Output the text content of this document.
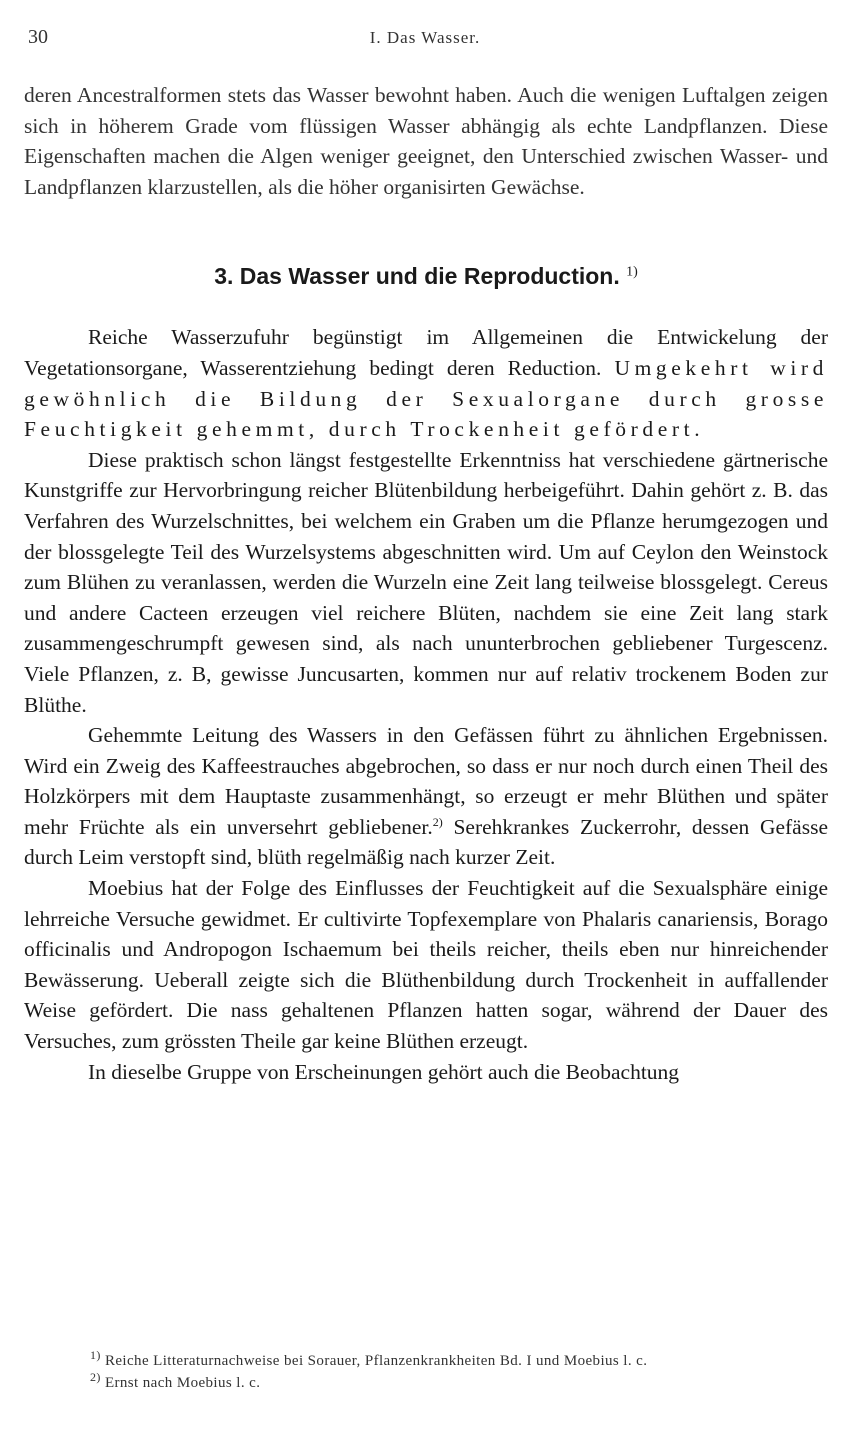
30	I. Das Wasser.

deren Ancestralformen stets das Wasser bewohnt haben. Auch die wenigen Luftalgen zeigen sich in höherem Grade vom flüssigen Wasser abhängig als echte Landpflanzen. Diese Eigenschaften machen die Algen weniger geeignet, den Unterschied zwischen Wasser- und Landpflanzen klarzustellen, als die höher organisirten Gewächse.

3. Das Wasser und die Reproduction. $^{1)}$

Reiche Wasserzufuhr begünstigt im Allgemeinen die Entwickelung der Vegetationsorgane, Wasserentziehung bedingt deren Reduction. Umgekehrt wird gewöhnlich die Bildung der Sexualorgane durch grosse Feuchtigkeit gehemmt, durch Trockenheit gefördert.

Diese praktisch schon längst festgestellte Erkenntniss hat verschiedene gärtnerische Kunstgriffe zur Hervorbringung reicher Blütenbildung herbeigeführt. Dahin gehört z. B. das Verfahren des Wurzelschnittes, bei welchem ein Graben um die Pflanze herumgezogen und der blossgelegte Teil des Wurzelsystems abgeschnitten wird. Um auf Ceylon den Weinstock zum Blühen zu veranlassen, werden die Wurzeln eine Zeit lang teilweise blossgelegt. Cereus und andere Cacteen erzeugen viel reichere Blüten, nachdem sie eine Zeit lang stark zusammengeschrumpft gewesen sind, als nach ununterbrochen gebliebener Turgescenz. Viele Pflanzen, z. B, gewisse Juncusarten, kommen nur auf relativ trockenem Boden zur Blüthe.

Gehemmte Leitung des Wassers in den Gefässen führt zu ähnlichen Ergebnissen. Wird ein Zweig des Kaffeestrauches abgebrochen, so dass er nur noch durch einen Theil des Holzkörpers mit dem Hauptaste zusammenhängt, so erzeugt er mehr Blüthen und später mehr Früchte als ein unversehrt gebliebener.$^{2)}$ Serehkrankes Zuckerrohr, dessen Gefässe durch Leim verstopft sind, blüth regelmäßig nach kurzer Zeit.

Moebius hat der Folge des Einflusses der Feuchtigkeit auf die Sexualsphäre einige lehrreiche Versuche gewidmet. Er cultivirte Topfexemplare von Phalaris canariensis, Borago officinalis und Andropogon Ischaemum bei theils reicher, theils eben nur hinreichender Bewässerung. Ueberall zeigte sich die Blüthenbildung durch Trockenheit in auffallender Weise gefördert. Die nass gehaltenen Pflanzen hatten sogar, während der Dauer des Versuches, zum grössten Theile gar keine Blüthen erzeugt.

In dieselbe Gruppe von Erscheinungen gehört auch die Beobachtung

$^{1)}$ Reiche Litteraturnachweise bei Sorauer, Pflanzenkrankheiten Bd. I und Moebius l. c.
$^{2)}$ Ernst nach Moebius l. c.
